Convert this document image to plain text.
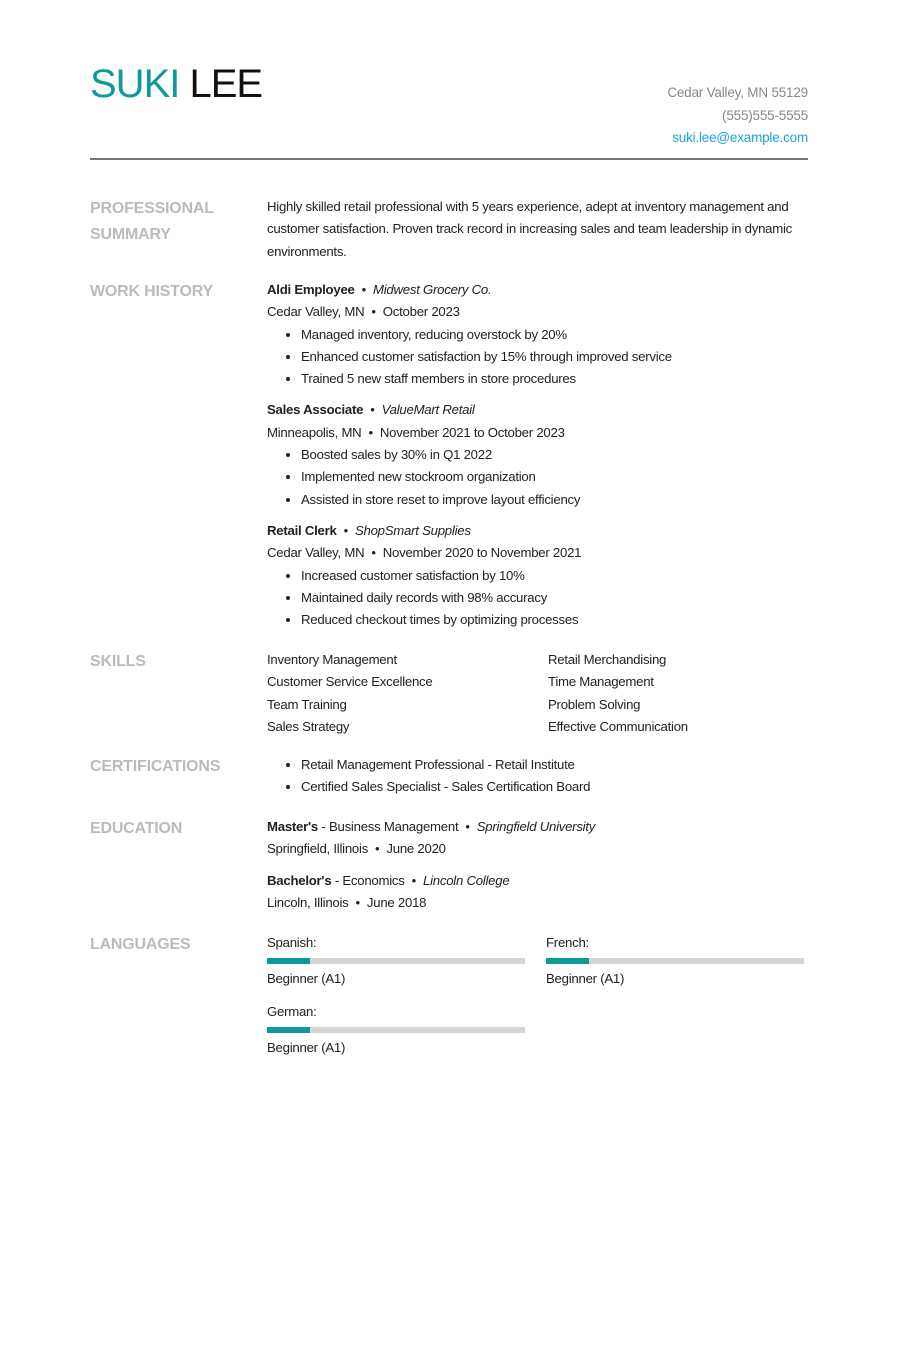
SUKI LEE	Cedar Valley, MN 55129
(555)555-5555
suki.lee@example.com
PROFESSIONAL SUMMARY
Highly skilled retail professional with 5 years experience, adept at inventory management and customer satisfaction. Proven track record in increasing sales and team leadership in dynamic environments.
WORK HISTORY	Aldi Employee • Midwest Grocery Co.
Cedar Valley, MN • October 2023
• Managed inventory, reducing overstock by 20%
• Enhanced customer satisfaction by 15% through improved service
• Trained 5 new staff members in store procedures
Sales Associate • ValueMart Retail
Minneapolis, MN • November 2021 to October 2023
• Boosted sales by 30% in Q1 2022
• Implemented new stockroom organization
• Assisted in store reset to improve layout efficiency
Retail Clerk • ShopSmart Supplies
Cedar Valley, MN • November 2020 to November 2021
• Increased customer satisfaction by 10%
• Maintained daily records with 98% accuracy
• Reduced checkout times by optimizing processes
SKILLS	Inventory Management	Retail Merchandising
Customer Service Excellence	Time Management
Team Training	Problem Solving
Sales Strategy	Effective Communication
CERTIFICATIONS	• Retail Management Professional - Retail Institute
• Certified Sales Specialist - Sales Certification Board
EDUCATION	Master's - Business Management • Springfield University
Springfield, Illinois • June 2020
Bachelor's - Economics • Lincoln College
Lincoln, Illinois • June 2018
LANGUAGES	Spanish:
Beginner (A1)
French:
Beginner (A1)
German:
Beginner (A1)
